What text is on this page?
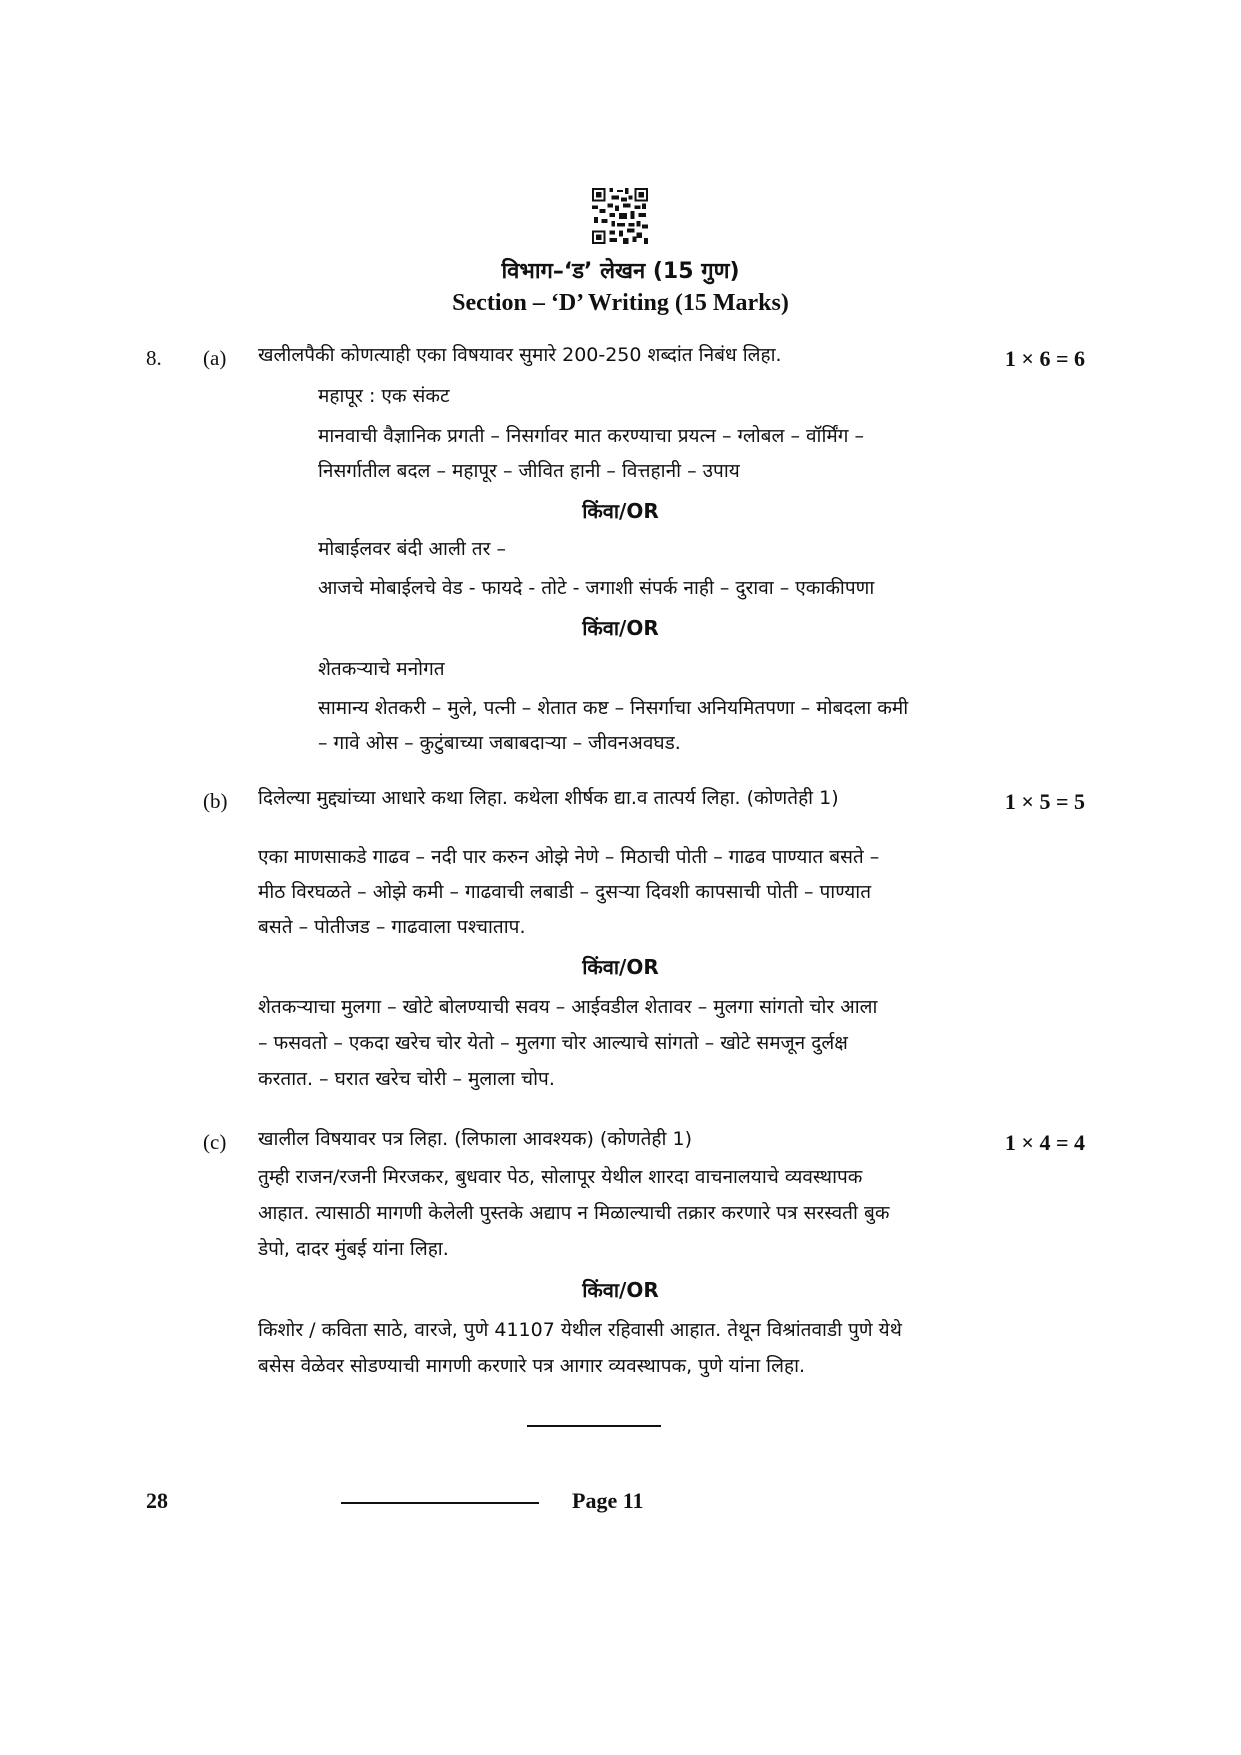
विभाग–‘ड’ लेखन (15 गुण)
Section – ‘D’ Writing (15 Marks)
8. (a) खलीलपैकी कोणत्याही एका विषयावर सुमारे 200-250 शब्दांत निबंध लिहा.	1 × 6 = 6
महापूर : एक संकट
मानवाची वैज्ञानिक प्रगती – निसर्गावर मात करण्याचा प्रयत्न – ग्लोबल – वॉर्मिंग –
निसर्गातील बदल – महापूर – जीवित हानी – वित्तहानी – उपाय
किंवा/OR
मोबाईलवर बंदी आली तर –
आजचे मोबाईलचे वेड - फायदे - तोटे - जगाशी संपर्क नाही – दुरावा – एकाकीपणा
किंवा/OR
शेतकऱ्याचे मनोगत
सामान्य शेतकरी – मुले, पत्नी – शेतात कष्ट – निसर्गाचा अनियमितपणा – मोबदला कमी
– गावे ओस – कुटुंबाच्या जबाबदाऱ्या – जीवनअवघड.
(b) दिलेल्या मुद्द्यांच्या आधारे कथा लिहा. कथेला शीर्षक द्या.व तात्पर्य लिहा. (कोणतेही 1)	1 × 5 = 5
एका माणसाकडे गाढव – नदी पार करुन ओझे नेणे – मिठाची पोती – गाढव पाण्यात बसते –
मीठ विरघळते – ओझे कमी – गाढवाची लबाडी – दुसऱ्या दिवशी कापसाची पोती – पाण्यात
बसते – पोतीजड – गाढवाला पश्चाताप.
किंवा/OR
शेतकऱ्याचा मुलगा – खोटे बोलण्याची सवय – आईवडील शेतावर – मुलगा सांगतो चोर आला
– फसवतो – एकदा खरेच चोर येतो – मुलगा चोर आल्याचे सांगतो – खोटे समजून दुर्लक्ष
करतात. – घरात खरेच चोरी – मुलाला चोप.
(c) खालील विषयावर पत्र लिहा. (लिफाला आवश्यक) (कोणतेही 1)	1 × 4 = 4
तुम्ही राजन/रजनी मिरजकर, बुधवार पेठ, सोलापूर येथील शारदा वाचनालयाचे व्यवस्थापक
आहात. त्यासाठी मागणी केलेली पुस्तके अद्याप न मिळाल्याची तक्रार करणारे पत्र सरस्वती बुक
डेपो, दादर मुंबई यांना लिहा.
किंवा/OR
किशोर / कविता साठे, वारजे, पुणे 41107 येथील रहिवासी आहात. तेथून विश्रांतवाडी पुणे येथे
बसेस वेळेवर सोडण्याची मागणी करणारे पत्र आगार व्यवस्थापक, पुणे यांना लिहा.
28	Page 11
